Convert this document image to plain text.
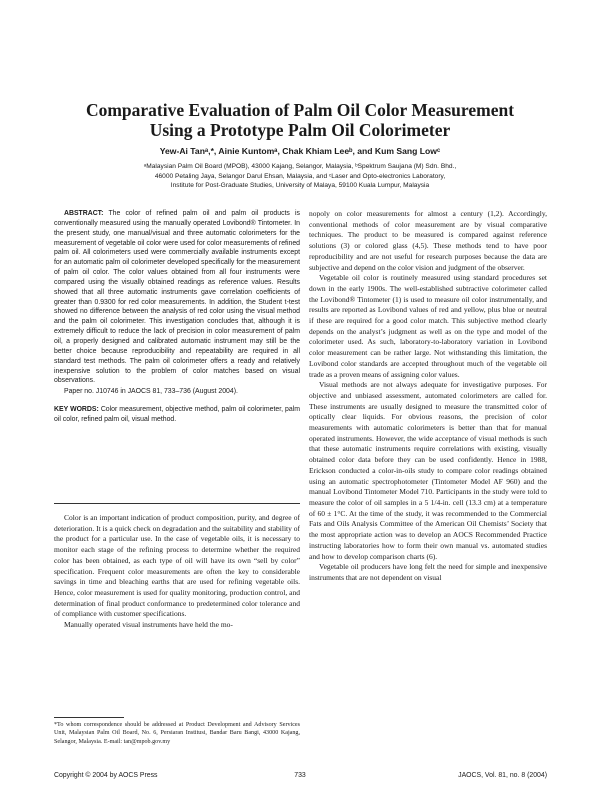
Comparative Evaluation of Palm Oil Color Measurement
Using a Prototype Palm Oil Colorimeter
Yew-Ai Tanᵃ,*, Ainie Kuntomᵃ, Chak Khiam Leeᵇ, and Kum Sang Lowᶜ
ᵃMalaysian Palm Oil Board (MPOB), 43000 Kajang, Selangor, Malaysia, ᵇSpektrum Saujana (M) Sdn. Bhd.,
46000 Petaling Jaya, Selangor Darul Ehsan, Malaysia, and ᶜLaser and Opto-electronics Laboratory,
Institute for Post-Graduate Studies, University of Malaya, 59100 Kuala Lumpur, Malaysia

ABSTRACT: The color of refined palm oil and palm oil products is conventionally measured using the manually operated Lovibond® Tintometer. In the present study, one manual/visual and three automatic colorimeters for the measurement of vegetable oil color were used for color measurements of refined palm oil. All colorimeters used were commercially available instruments except for an automatic palm oil colorimeter developed specifically for the measurement of palm oil color. The color values obtained from all four instruments were compared using the visually obtained readings as reference values. Results showed that all three automatic instruments gave correlation coefficients of greater than 0.9300 for red color measurements. In addition, the Student t-test showed no difference between the analysis of red color using the visual method and the palm oil colorimeter. This investigation concludes that, although it is extremely difficult to reduce the lack of precision in color measurement of palm oil, a properly designed and calibrated automatic instrument may still be the better choice because reproducibility and repeatability are required in all standard test methods. The palm oil colorimeter offers a ready and relatively inexpensive solution to the problem of color matches based on visual observations.

Paper no. J10746 in JAOCS 81, 733–736 (August 2004).

KEY WORDS: Color measurement, objective method, palm oil colorimeter, palm oil color, refined palm oil, visual method.

Color is an important indication of product composition, purity, and degree of deterioration. It is a quick check on degradation and the suitability and stability of the product for a particular use. In the case of vegetable oils, it is necessary to monitor each stage of the refining process to determine whether the required color has been obtained, as each type of oil will have its own “sell by color” specification. Frequent color measurements are often the key to considerable savings in time and bleaching earths that are used for refining vegetable oils. Hence, color measurement is used for quality monitoring, production control, and determination of final product conformance to predetermined color tolerance and of compliance with customer specifications.

Manually operated visual instruments have held the mo-

*To whom correspondence should be addressed at Product Development and Advisory Services Unit, Malaysian Palm Oil Board, No. 6, Persiaran Institusi, Bandar Baru Bangi, 43000 Kajang, Selangor, Malaysia. E-mail: tan@mpob.gov.my

nopoly on color measurements for almost a century (1,2). Accordingly, conventional methods of color measurement are by visual comparative techniques. The product to be measured is compared against reference solutions (3) or colored glass (4,5). These methods tend to have poor reproducibility and are not useful for research purposes because the data are subjective and depend on the color vision and judgment of the observer.

Vegetable oil color is routinely measured using standard procedures set down in the early 1900s. The well-established subtractive colorimeter called the Lovibond® Tintometer (1) is used to measure oil color instrumentally, and results are reported as Lovibond values of red and yellow, plus blue or neutral if these are required for a good color match. This subjective method clearly depends on the analyst’s judgment as well as on the type and model of the colorimeter used. As such, laboratory-to-laboratory variation in Lovibond color measurement can be rather large. Not withstanding this limitation, the Lovibond color standards are accepted throughout much of the vegetable oil trade as a proven means of assigning color values.

Visual methods are not always adequate for investigative purposes. For objective and unbiased assessment, automated colorimeters are called for. These instruments are usually designed to measure the transmitted color of optically clear liquids. For obvious reasons, the precision of color measurements with automatic colorimeters is better than that for manual operated instruments. However, the wide acceptance of visual methods is such that these automatic instruments require correlations with existing, visually obtained color data before they can be used confidently. Hence in 1988, Erickson conducted a color-in-oils study to compare color readings obtained using an automatic spectrophotometer (Tintometer Model AF 960) and the manual Lovibond Tintometer Model 710. Participants in the study were told to measure the color of oil samples in a 5 1/4-in. cell (13.3 cm) at a temperature of 60 ± 1°C. At the time of the study, it was recommended to the Commercial Fats and Oils Analysis Committee of the American Oil Chemists’ Society that the most appropriate action was to develop an AOCS Recommended Practice instructing laboratories how to form their own manual vs. automated studies and how to develop comparison charts (6).

Vegetable oil producers have long felt the need for simple and inexpensive instruments that are not dependent on visual

Copyright © 2004 by AOCS Press	733	JAOCS, Vol. 81, no. 8 (2004)
